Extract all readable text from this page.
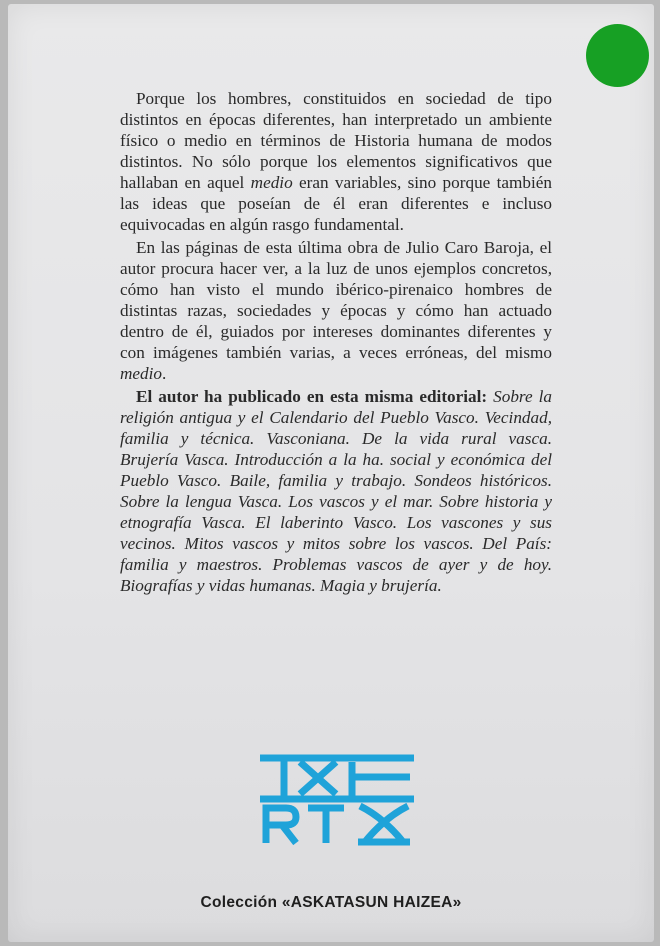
Porque los hombres, constituidos en sociedad de tipo distintos en épocas diferentes, han interpretado un ambiente físico o medio en términos de Historia humana de modos distintos. No sólo porque los elementos significativos que hallaban en aquel medio eran variables, sino porque también las ideas que poseían de él eran diferentes e incluso equivocadas en algún rasgo fundamental.

En las páginas de esta última obra de Julio Caro Baroja, el autor procura hacer ver, a la luz de unos ejemplos concretos, cómo han visto el mundo ibérico-pirenaico hombres de distintas razas, sociedades y épocas y cómo han actuado dentro de él, guiados por intereses dominantes diferentes y con imágenes también varias, a veces erróneas, del mismo medio.

El autor ha publicado en esta misma editorial: Sobre la religión antigua y el Calendario del Pueblo Vasco. Vecindad, familia y técnica. Vasconiana. De la vida rural vasca. Brujería Vasca. Introducción a la ha. social y económica del Pueblo Vasco. Baile, familia y trabajo. Sondeos históricos. Sobre la lengua Vasca. Los vascos y el mar. Sobre historia y etnografía Vasca. El laberinto Vasco. Los vascones y sus vecinos. Mitos vascos y mitos sobre los vascos. Del País: familia y maestros. Problemas vascos de ayer y de hoy. Biografías y vidas humanas. Magia y brujería.

Colección «ASKATASUN HAIZEA»
